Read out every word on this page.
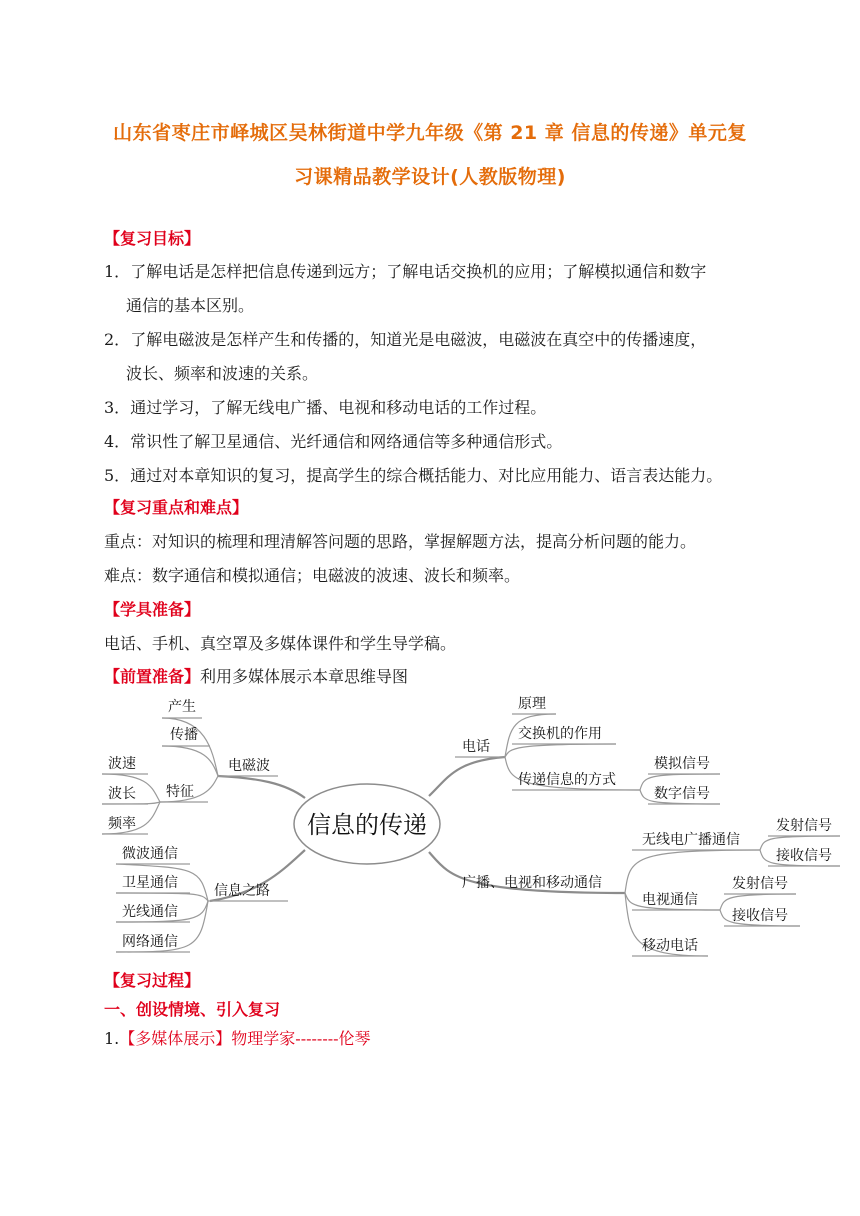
山东省枣庄市峄城区吴林街道中学九年级《第 21 章 信息的传递》单元复
习课精品教学设计(人教版物理)
【复习目标】
1．了解电话是怎样把信息传递到远方；了解电话交换机的应用；了解模拟通信和数字
通信的基本区别。
2．了解电磁波是怎样产生和传播的，知道光是电磁波，电磁波在真空中的传播速度，
波长、频率和波速的关系。
3．通过学习，了解无线电广播、电视和移动电话的工作过程。
4．常识性了解卫星通信、光纤通信和网络通信等多种通信形式。
5．通过对本章知识的复习，提高学生的综合概括能力、对比应用能力、语言表达能力。
【复习重点和难点】
重点：对知识的梳理和理清解答问题的思路，掌握解题方法，提高分析问题的能力。
难点：数字通信和模拟通信；电磁波的波速、波长和频率。
【学具准备】
电话、手机、真空罩及多媒体课件和学生导学稿。
【前置准备】利用多媒体展示本章思维导图
信息的传递
电磁波
产生
传播
特征
波速
波长
频率
信息之路
微波通信
卫星通信
光线通信
网络通信
电话
原理
交换机的作用
传递信息的方式
模拟信号
数字信号
广播、电视和移动通信
无线电广播通信
发射信号
接收信号
电视通信
发射信号
接收信号
移动电话
【复习过程】
一、创设情境、引入复习
1.【多媒体展示】物理学家--------伦琴
